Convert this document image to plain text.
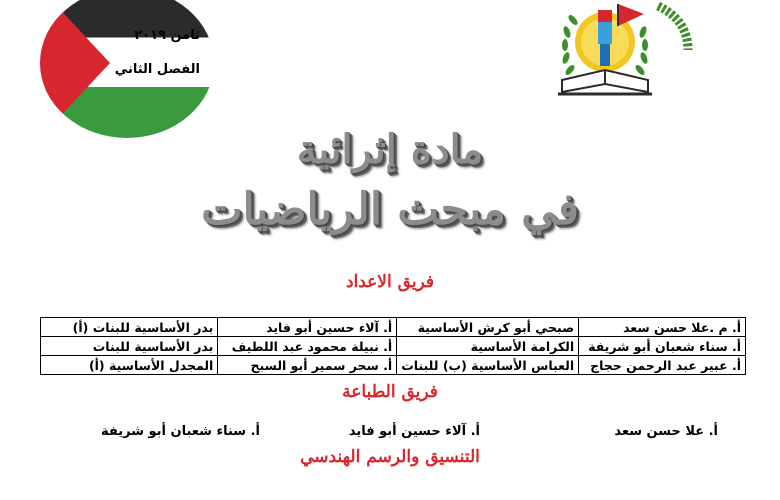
ثامن ٢٠١٩
الفصل الثاني
مادة إثرائية
في مبحث الرياضيات
فريق الاعداد
أ. م .علا حسن سعد	صبحي أبو كرش الأساسية	أ. آلاء حسين أبو فايد	بدر الأساسية للبنات (أ)
أ. سناء شعبان أبو شريفة	الكرامة الأساسية	أ. نبيلة محمود عبد اللطيف	بدر الأساسية للبنات
أ. عبير عبد الرحمن حجاج	العباس الأساسية (ب) للبنات	أ. سحر سمير أبو السبح	المجدل الأساسية (أ)
فريق الطباعة
أ. علا حسن سعد
أ. آلاء حسين أبو فايد
أ. سناء شعبان أبو شريفة
التنسيق والرسم الهندسي
